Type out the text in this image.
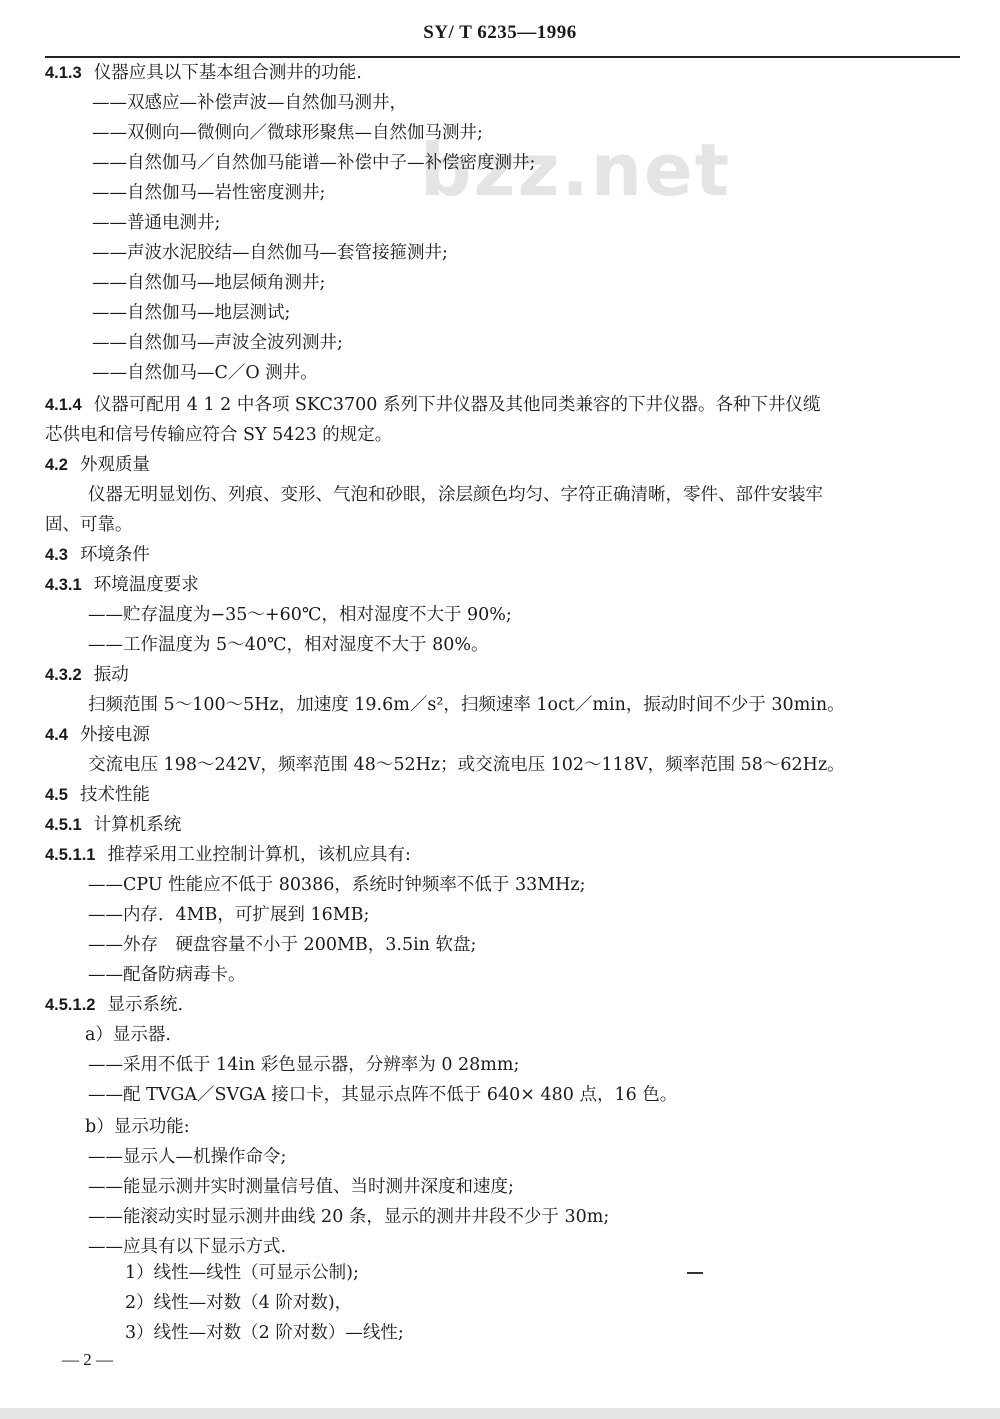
SY/ T 6235—1996
bzz.net
4.1.3 仪器应具以下基本组合测井的功能.
——双感应—补偿声波—自然伽马测井，
——双侧向—微侧向／微球形聚焦—自然伽马测井;
——自然伽马／自然伽马能谱—补偿中子—补偿密度测井;
——自然伽马—岩性密度测井;
——普通电测井;
——声波水泥胶结—自然伽马—套管接箍测井;
——自然伽马—地层倾角测井;
——自然伽马—地层测试;
——自然伽马—声波全波列测井;
——自然伽马—C／O 测井。
4.1.4 仪器可配用 4 1 2 中各项 SKC3700 系列下井仪器及其他同类兼容的下井仪器。各种下井仪缆
芯供电和信号传输应符合 SY 5423 的规定。
4.2 外观质量
仪器无明显划伤、列痕、变形、气泡和砂眼，涂层颜色均匀、字符正确清晰，零件、部件安装牢
固、可靠。
4.3 环境条件
4.3.1 环境温度要求
——贮存温度为−35～+60℃，相对湿度不大于 90%;
——工作温度为 5～40℃，相对湿度不大于 80%。
4.3.2 振动
扫频范围 5～100～5Hz，加速度 19.6m／s²，扫频速率 1oct／min，振动时间不少于 30min。
4.4 外接电源
交流电压 198～242V，频率范围 48～52Hz；或交流电压 102～118V，频率范围 58～62Hz。
4.5 技术性能
4.5.1 计算机系统
4.5.1.1 推荐采用工业控制计算机，该机应具有:
——CPU 性能应不低于 80386，系统时钟频率不低于 33MHz;
——内存．4MB，可扩展到 16MB;
——外存　硬盘容量不小于 200MB，3.5in 软盘;
——配备防病毒卡。
4.5.1.2 显示系统.
a）显示器.
——采用不低于 14in 彩色显示器，分辨率为 0 28mm;
——配 TVGA／SVGA 接口卡，其显示点阵不低于 640× 480 点，16 色。
b）显示功能:
——显示人—机操作命令;
——能显示测井实时测量信号值、当时测井深度和速度;
——能滚动实时显示测井曲线 20 条，显示的测井井段不少于 30m;
——应具有以下显示方式.
1）线性—线性（可显示公制);
2）线性—对数（4 阶对数)，
3）线性—对数（2 阶对数）—线性;
— 2 —
